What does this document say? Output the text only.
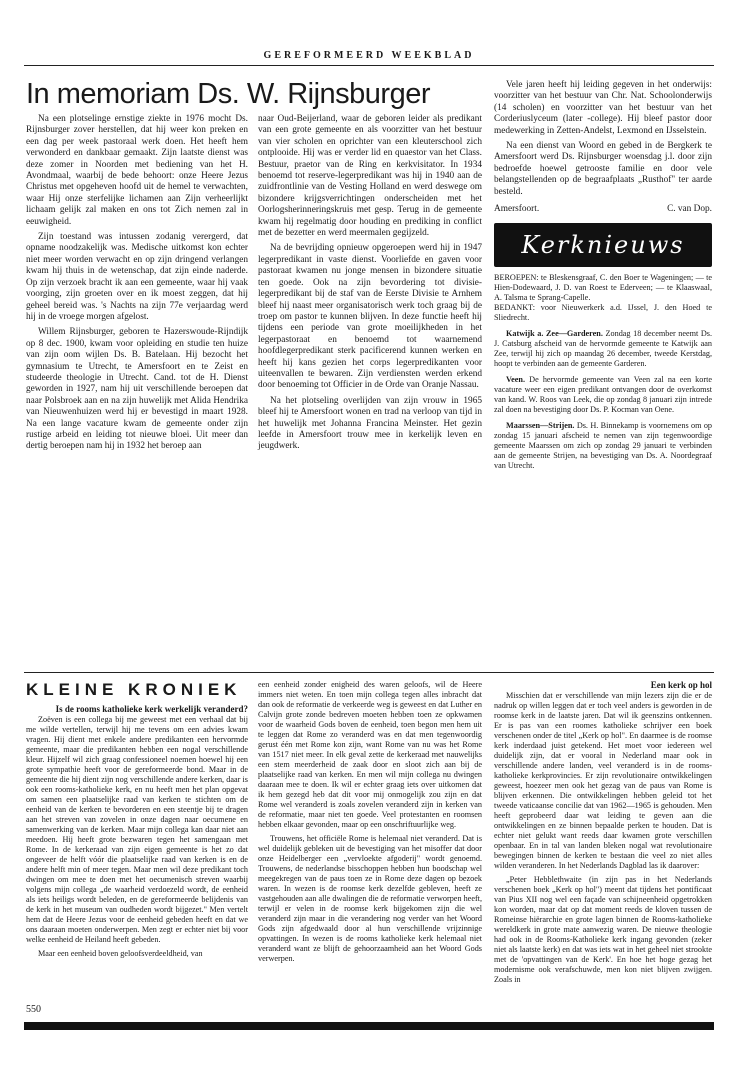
GEREFORMEERD WEEKBLAD
In memoriam Ds. W. Rijnsburger

Na een plotselinge ernstige ziekte in 1976 mocht Ds. Rijnsburger zover herstellen, dat hij weer kon preken en een dag per week pastoraal werk doen. Het heeft hem verwonderd en dankbaar gemaakt. Zijn laatste dienst was deze zomer in Noorden met bediening van het H. Avondmaal, waarbij de bede behoort: onze Heere Jezus Christus met opgeheven hoofd uit de hemel te verwachten, waar Hij onze sterfelijke lichamen aan Zijn verheerlijkt lichaam gelijk zal maken en ons tot Zich nemen zal in eeuwigheid.

Zijn toestand was intussen zodanig verergerd, dat opname noodzakelijk was. Medische uitkomst kon echter niet meer worden verwacht en op zijn dringend verlangen kwam hij thuis in de wetenschap, dat zijn einde naderde. Op zijn verzoek bracht ik aan een gemeente, waar hij vaak voorging, zijn groeten over en ik moest zeggen, dat hij geheel bereid was. 's Nachts na zijn 77e verjaardag werd hij in de vroege morgen afgelost.

Willem Rijnsburger, geboren te Hazerswoude-Rijndijk op 8 dec. 1900, kwam voor opleiding en studie ten huize van zijn oom wijlen Ds. B. Batelaan. Hij bezocht het gymnasium te Utrecht, te Amersfoort en te Zeist en studeerde theologie in Utrecht. Cand. tot de H. Dienst geworden in 1927, nam hij uit verschillende beroepen dat naar Polsbroek aan en na zijn huwelijk met Alida Hendrika van Nieuwenhuizen werd hij er bevestigd in maart 1928. Na een lange vacature kwam de gemeente onder zijn rustige arbeid en leiding tot nieuwe bloei. Uit meer dan dertig beroepen nam hij in 1932 het beroep aan

naar Oud-Beijerland, waar de geboren leider als predikant van een grote gemeente en als voorzitter van het bestuur van vier scholen en oprichter van een kleuterschool zich ontplooide. Hij was er verder lid en quaestor van het Class. Bestuur, praetor van de Ring en kerkvisitator. In 1934 benoemd tot reserve-legerpredikant was hij in 1940 aan de zuidfrontlinie van de Vesting Holland en werd deswege om bizondere krijgsverrichtingen onderscheiden met het Oorlogsherinneringskruis met gesp. Terug in de gemeente kwam hij regelmatig door houding en prediking in conflict met de bezetter en werd meermalen gegijzeld.

Na de bevrijding opnieuw opgeroepen werd hij in 1947 legerpredikant in vaste dienst. Voorliefde en gaven voor pastoraat kwamen nu jonge mensen in bizondere situatie ten goede. Ook na zijn bevordering tot divisie-legerpredikant bij de staf van de Eerste Divisie te Arnhem bleef hij naast meer organisatorisch werk toch graag bij de troep om pastor te kunnen blijven. In deze functie heeft hij tijdens een periode van grote moeilijkheden in het legerpastoraat en benoemd tot waarnemend hoofdlegerpredikant sterk pacificerend kunnen werken en heeft hij kans gezien het corps legerpredikanten voor uiteenvallen te bewaren. Zijn verdiensten werden erkend door benoeming tot Officier in de Orde van Oranje Nassau.

Na het plotseling overlijden van zijn vrouw in 1965 bleef hij te Amersfoort wonen en trad na verloop van tijd in het huwelijk met Johanna Francina Meinster. Het gezin leefde in Amersfoort trouw mee in kerkelijk leven en jeugdwerk.

Vele jaren heeft hij leiding gegeven in het onderwijs: voorzitter van het bestuur van Chr. Nat. Schoolonderwijs (14 scholen) en voorzitter van het bestuur van het Corderiuslyceum (later -college). Hij bleef pastor door medewerking in Zetten-Andelst, Lexmond en IJsselstein.

Na een dienst van Woord en gebed in de Bergkerk te Amersfoort werd Ds. Rijnsburger woensdag j.l. door zijn bedroefde hoewel getrooste familie en door vele belangstellenden op de begraafplaats „Rusthof" ter aarde besteld.

Amersfoort.	C. van Dop.
Kerknieuws

BEROEPEN: te Bleskensgraaf, C. den Boer te Wageningen; — te Hien-Dodewaard, J. D. van Roest te Ederveen; — te Klaaswaal, A. Talsma te Sprang-Capelle.

BEDANKT: voor Nieuwerkerk a.d. IJssel, J. den Hoed te Sliedrecht.

Katwijk a. Zee—Garderen. Zondag 18 december neemt Ds. J. Catsburg afscheid van de hervormde gemeente te Katwijk aan Zee, terwijl hij zich op maandag 26 december, tweede Kerstdag, hoopt te verbinden aan de gemeente Garderen.

Veen. De hervormde gemeente van Veen zal na een korte vacature weer een eigen predikant ontvangen door de overkomst van kand. W. Roos van Leek, die op zondag 8 januari zijn intrede zal doen na bevestiging door Ds. P. Kocman van Oene.

Maarssen—Strijen. Ds. H. Binnekamp is voornemens om op zondag 15 januari afscheid te nemen van zijn tegenwoordige gemeente Maarssen om zich op zondag 29 januari te verbinden aan de gemeente Strijen, na bevestiging van Ds. A. Noordegraaf van Utrecht.

KLEINE KRONIEK

Is de rooms katholieke kerk werkelijk veranderd?

Zoëven is een collega bij me geweest met een verhaal dat bij me wilde vertellen, terwijl hij me tevens om een advies kwam vragen. Hij dient met enkele andere predikanten een hervormde gemeente, maar die predikanten hebben een nogal verschillende kleur. Hijzelf wil zich graag confessioneel noemen hoewel hij een grote sympathie heeft voor de gereformeerde bond. Maar in de gemeente die hij dient zijn nog verschillende andere kerken, daar is ook een rooms-katholieke kerk, en nu heeft men het plan opgevat om samen een plaatselijke raad van kerken te stichten om de eenheid van de kerken te bevorderen en een steentje bij te dragen aan het streven van zovelen in onze dagen naar oecumene en samenwerking van de kerken. Maar mijn collega kan daar niet aan meedoen. Hij heeft grote bezwaren tegen het samengaan met Rome. In de kerkeraad van zijn eigen gemeente is het zo dat ongeveer de helft vóór die plaatselijke raad van kerken is en de andere helft min of meer tegen. Maar men wil deze predikant toch dwingen om mee te doen met het oecumenisch streven waarbij volgens mijn collega „de waarheid verdoezeld wordt, de eenheid als iets heiligs wordt beleden, en de gereformeerde belijdenis van de kerk in het museum van oudheden wordt bijgezet." Men vertelt hem dat de Heere Jezus voor de eenheid gebeden heeft en dat we ons daaraan moeten onderwerpen. Men zegt er echter niet bij voor welke eenheid de Heiland heeft gebeden.

Maar een eenheid boven geloofsverdeeldheid, van

een eenheid zonder enigheid des waren geloofs, wil de Heere immers niet weten. En toen mijn collega tegen alles inbracht dat dan ook de reformatie de verkeerde weg is geweest en dat Luther en Calvijn grote zonde bedreven moeten hebben toen ze opkwamen voor de waarheid Gods boven de eenheid, toen begon men hem uit te leggen dat Rome zo veranderd was en dat men tegenwoordig gerust één met Rome kon zijn, want Rome van nu was het Rome van 1517 niet meer. In elk geval zette de kerkeraad met nauwelijks een stem meerderheid de zaak door en sloot zich aan bij de plaatselijke raad van kerken. En men wil mijn collega nu dwingen daaraan mee te doen. Ik wil er echter graag iets over uitkomen dat ik hem gezegd heb dat dit voor mij onmogelijk zou zijn en dat Rome wel veranderd is zoals zovelen veranderd zijn in kerken van de reformatie, maar niet ten goede. Veel protestanten en roomsen hebben elkaar gevonden, maar op een onschriftuurlijke weg.

Trouwens, het officiële Rome is helemaal niet veranderd. Dat is wel duidelijk gebleken uit de bevestiging van het misoffer dat door onze Heidelberger een „vervloekte afgoderij" wordt genoemd. Trouwens, de nederlandse bisschoppen hebben hun boodschap wel meegekregen van de paus toen ze in Rome deze dagen op bezoek waren. In wezen is de roomse kerk dezelfde gebleven, heeft ze vastgehouden aan alle dwalingen die de reformatie verworpen heeft, terwijl er velen in de roomse kerk bijgekomen zijn die wel veranderd zijn maar in die verandering nog verder van het Woord Gods zijn afgedwaald door al hun verschillende vrijzinnige opvattingen. In wezen is de rooms katholieke kerk helemaal niet veranderd want ze blijft de gehoorzaamheid aan het Woord Gods verwerpen.

Een kerk op hol

Misschien dat er verschillende van mijn lezers zijn die er de nadruk op willen leggen dat er toch veel anders is geworden in de roomse kerk in de laatste jaren. Dat wil ik geenszins ontkennen. Er is pas van een roomes katholieke schrijver een boek verschenen onder de titel „Kerk op hol". En daarmee is de roomse kerk inderdaad juist getekend. Het moet voor iedereen wel duidelijk zijn, dat er vooral in Nederland maar ook in verschillende andere landen, veel veranderd is in de rooms-katholieke kerkprovincies. Er zijn revolutionaire ontwikkelingen geweest, hoezeer men ook het gezag van de paus van Rome is blijven erkennen. Die ontwikkelingen hebben geleid tot het tweede vaticaanse concilie dat van 1962—1965 is gehouden. Men heeft geprobeerd daar wat leiding te geven aan die ontwikkelingen en ze binnen bepaalde perken te houden. Dat is echter niet gelukt want reeds daar kwamen grote verschillen openbaar. En in tal van landen bleken nogal wat revolutionaire bewegingen binnen de kerken te bestaan die veel zo niet alles wilden veranderen. In het Nederlands Dagblad las ik daarover:

„Peter Hebblethwaite (in zijn pas in het Nederlands verschenen boek „Kerk op hol") meent dat tijdens het pontificaat van Pius XII nog wel een façade van schijneenheid opgetrokken kon worden, maar dat op dat moment reeds de kloven tussen de Romeinse hiërarchie en grote lagen binnen de Rooms-katholieke wereldkerk in grote mate aanwezig waren. De nieuwe theologie had ook in de Rooms-Katholieke kerk ingang gevonden (zeker niet als laatste kerk) en dat was iets wat in het geheel niet strookte met de 'opvattingen van de Kerk'. En hoe het hoge gezag het modernisme ook verafschuwde, men kon niet blijven zwijgen. Zoals in

550
